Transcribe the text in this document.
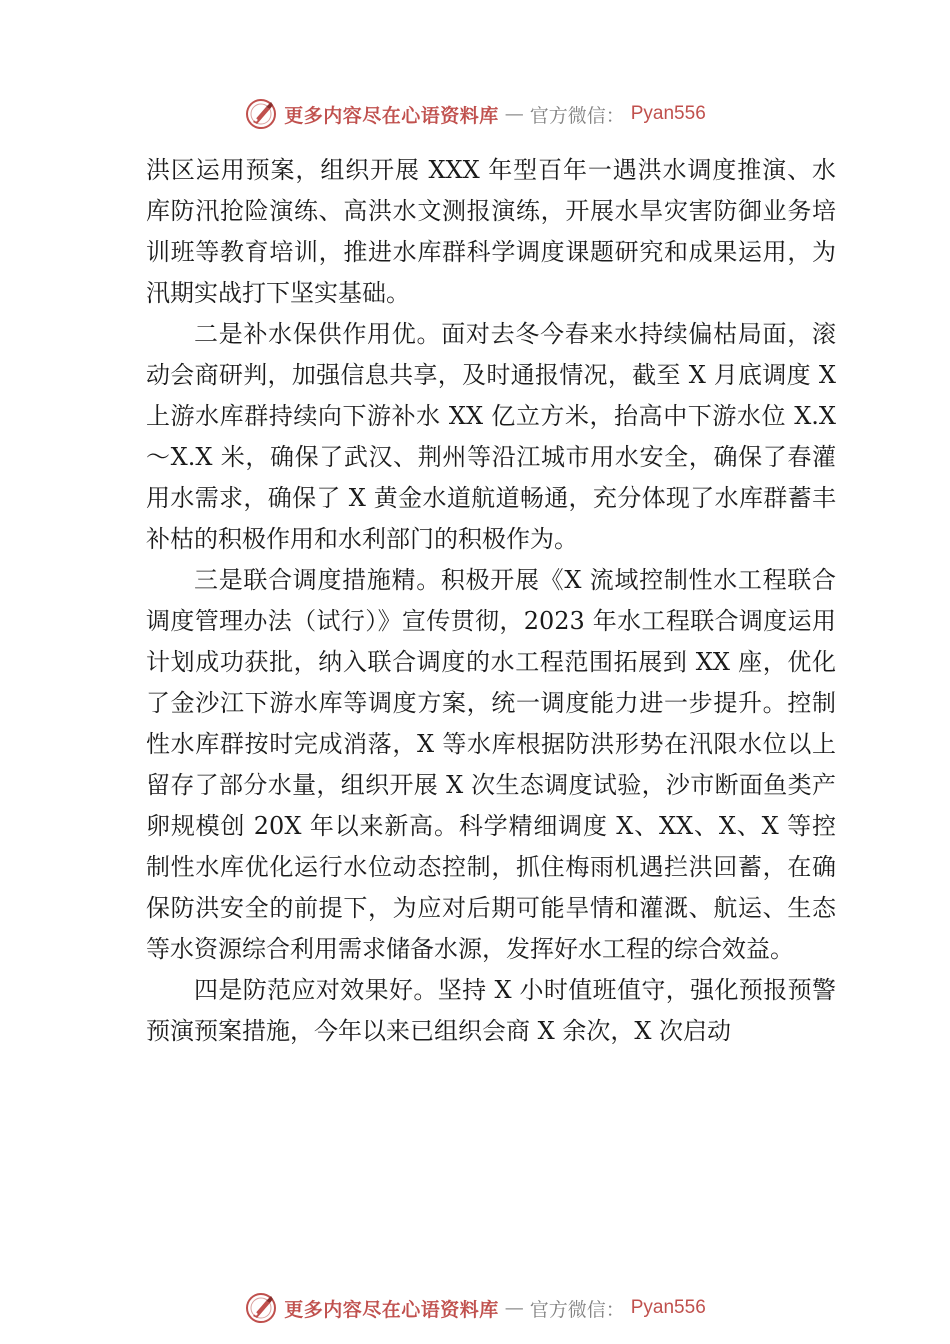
更多内容尽在心语资料库 — 官方微信： Pyan556

洪区运用预案，组织开展 XXX 年型百年一遇洪水调度推演、水库防汛抢险演练、高洪水文测报演练，开展水旱灾害防御业务培训班等教育培训，推进水库群科学调度课题研究和成果运用，为汛期实战打下坚实基础。

二是补水保供作用优。面对去冬今春来水持续偏枯局面，滚动会商研判，加强信息共享，及时通报情况，截至 X 月底调度 X 上游水库群持续向下游补水 XX 亿立方米，抬高中下游水位 X.X～X.X 米，确保了武汉、荆州等沿江城市用水安全，确保了春灌用水需求，确保了 X 黄金水道航道畅通，充分体现了水库群蓄丰补枯的积极作用和水利部门的积极作为。

三是联合调度措施精。积极开展《X 流域控制性水工程联合调度管理办法（试行）》宣传贯彻，2023 年水工程联合调度运用计划成功获批，纳入联合调度的水工程范围拓展到 XX 座，优化了金沙江下游水库等调度方案，统一调度能力进一步提升。控制性水库群按时完成消落，X 等水库根据防洪形势在汛限水位以上留存了部分水量，组织开展 X 次生态调度试验，沙市断面鱼类产卵规模创 20X 年以来新高。科学精细调度 X、XX、X、X 等控制性水库优化运行水位动态控制，抓住梅雨机遇拦洪回蓄，在确保防洪安全的前提下，为应对后期可能旱情和灌溉、航运、生态等水资源综合利用需求储备水源，发挥好水工程的综合效益。

四是防范应对效果好。坚持 X 小时值班值守，强化预报预警预演预案措施，今年以来已组织会商 X 余次，X 次启动

更多内容尽在心语资料库 — 官方微信： Pyan556
